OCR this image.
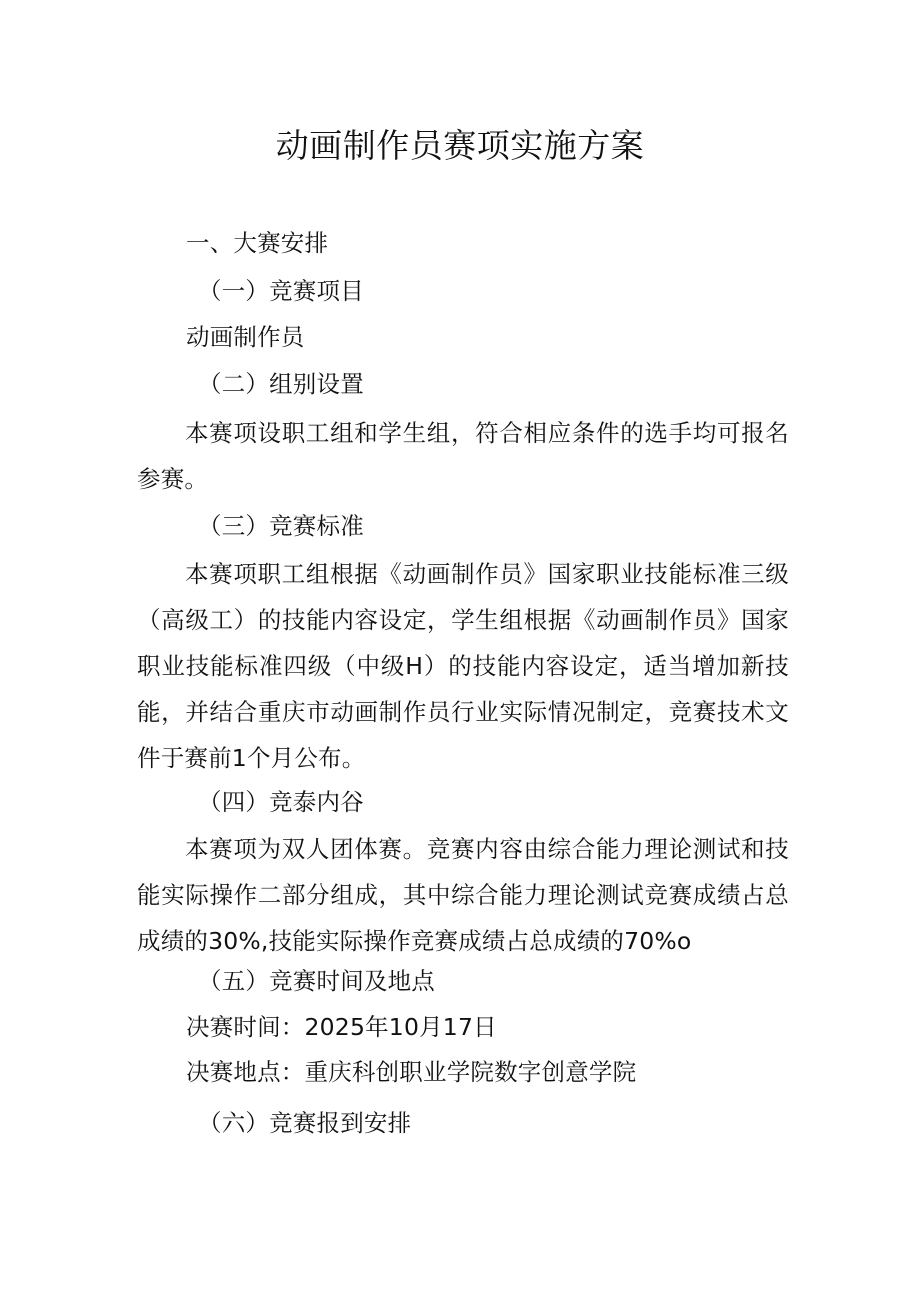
动画制作员赛项实施方案
一、大赛安排
（一）竞赛项目
动画制作员
（二）组别设置
本赛项设职工组和学生组，符合相应条件的选手均可报名参赛。
（三）竞赛标准
本赛项职工组根据《动画制作员》国家职业技能标准三级（高级工）的技能内容设定，学生组根据《动画制作员》国家职业技能标准四级（中级H）的技能内容设定，适当增加新技能，并结合重庆市动画制作员行业实际情况制定，竞赛技术文件于赛前1个月公布。
（四）竞泰内谷
本赛项为双人团体赛。竞赛内容由综合能力理论测试和技能实际操作二部分组成，其中综合能力理论测试竞赛成绩占总成绩的30%,技能实际操作竞赛成绩占总成绩的70%o
（五）竞赛时间及地点
决赛时间：2025年10月17日
决赛地点：重庆科创职业学院数字创意学院
（六）竞赛报到安排
